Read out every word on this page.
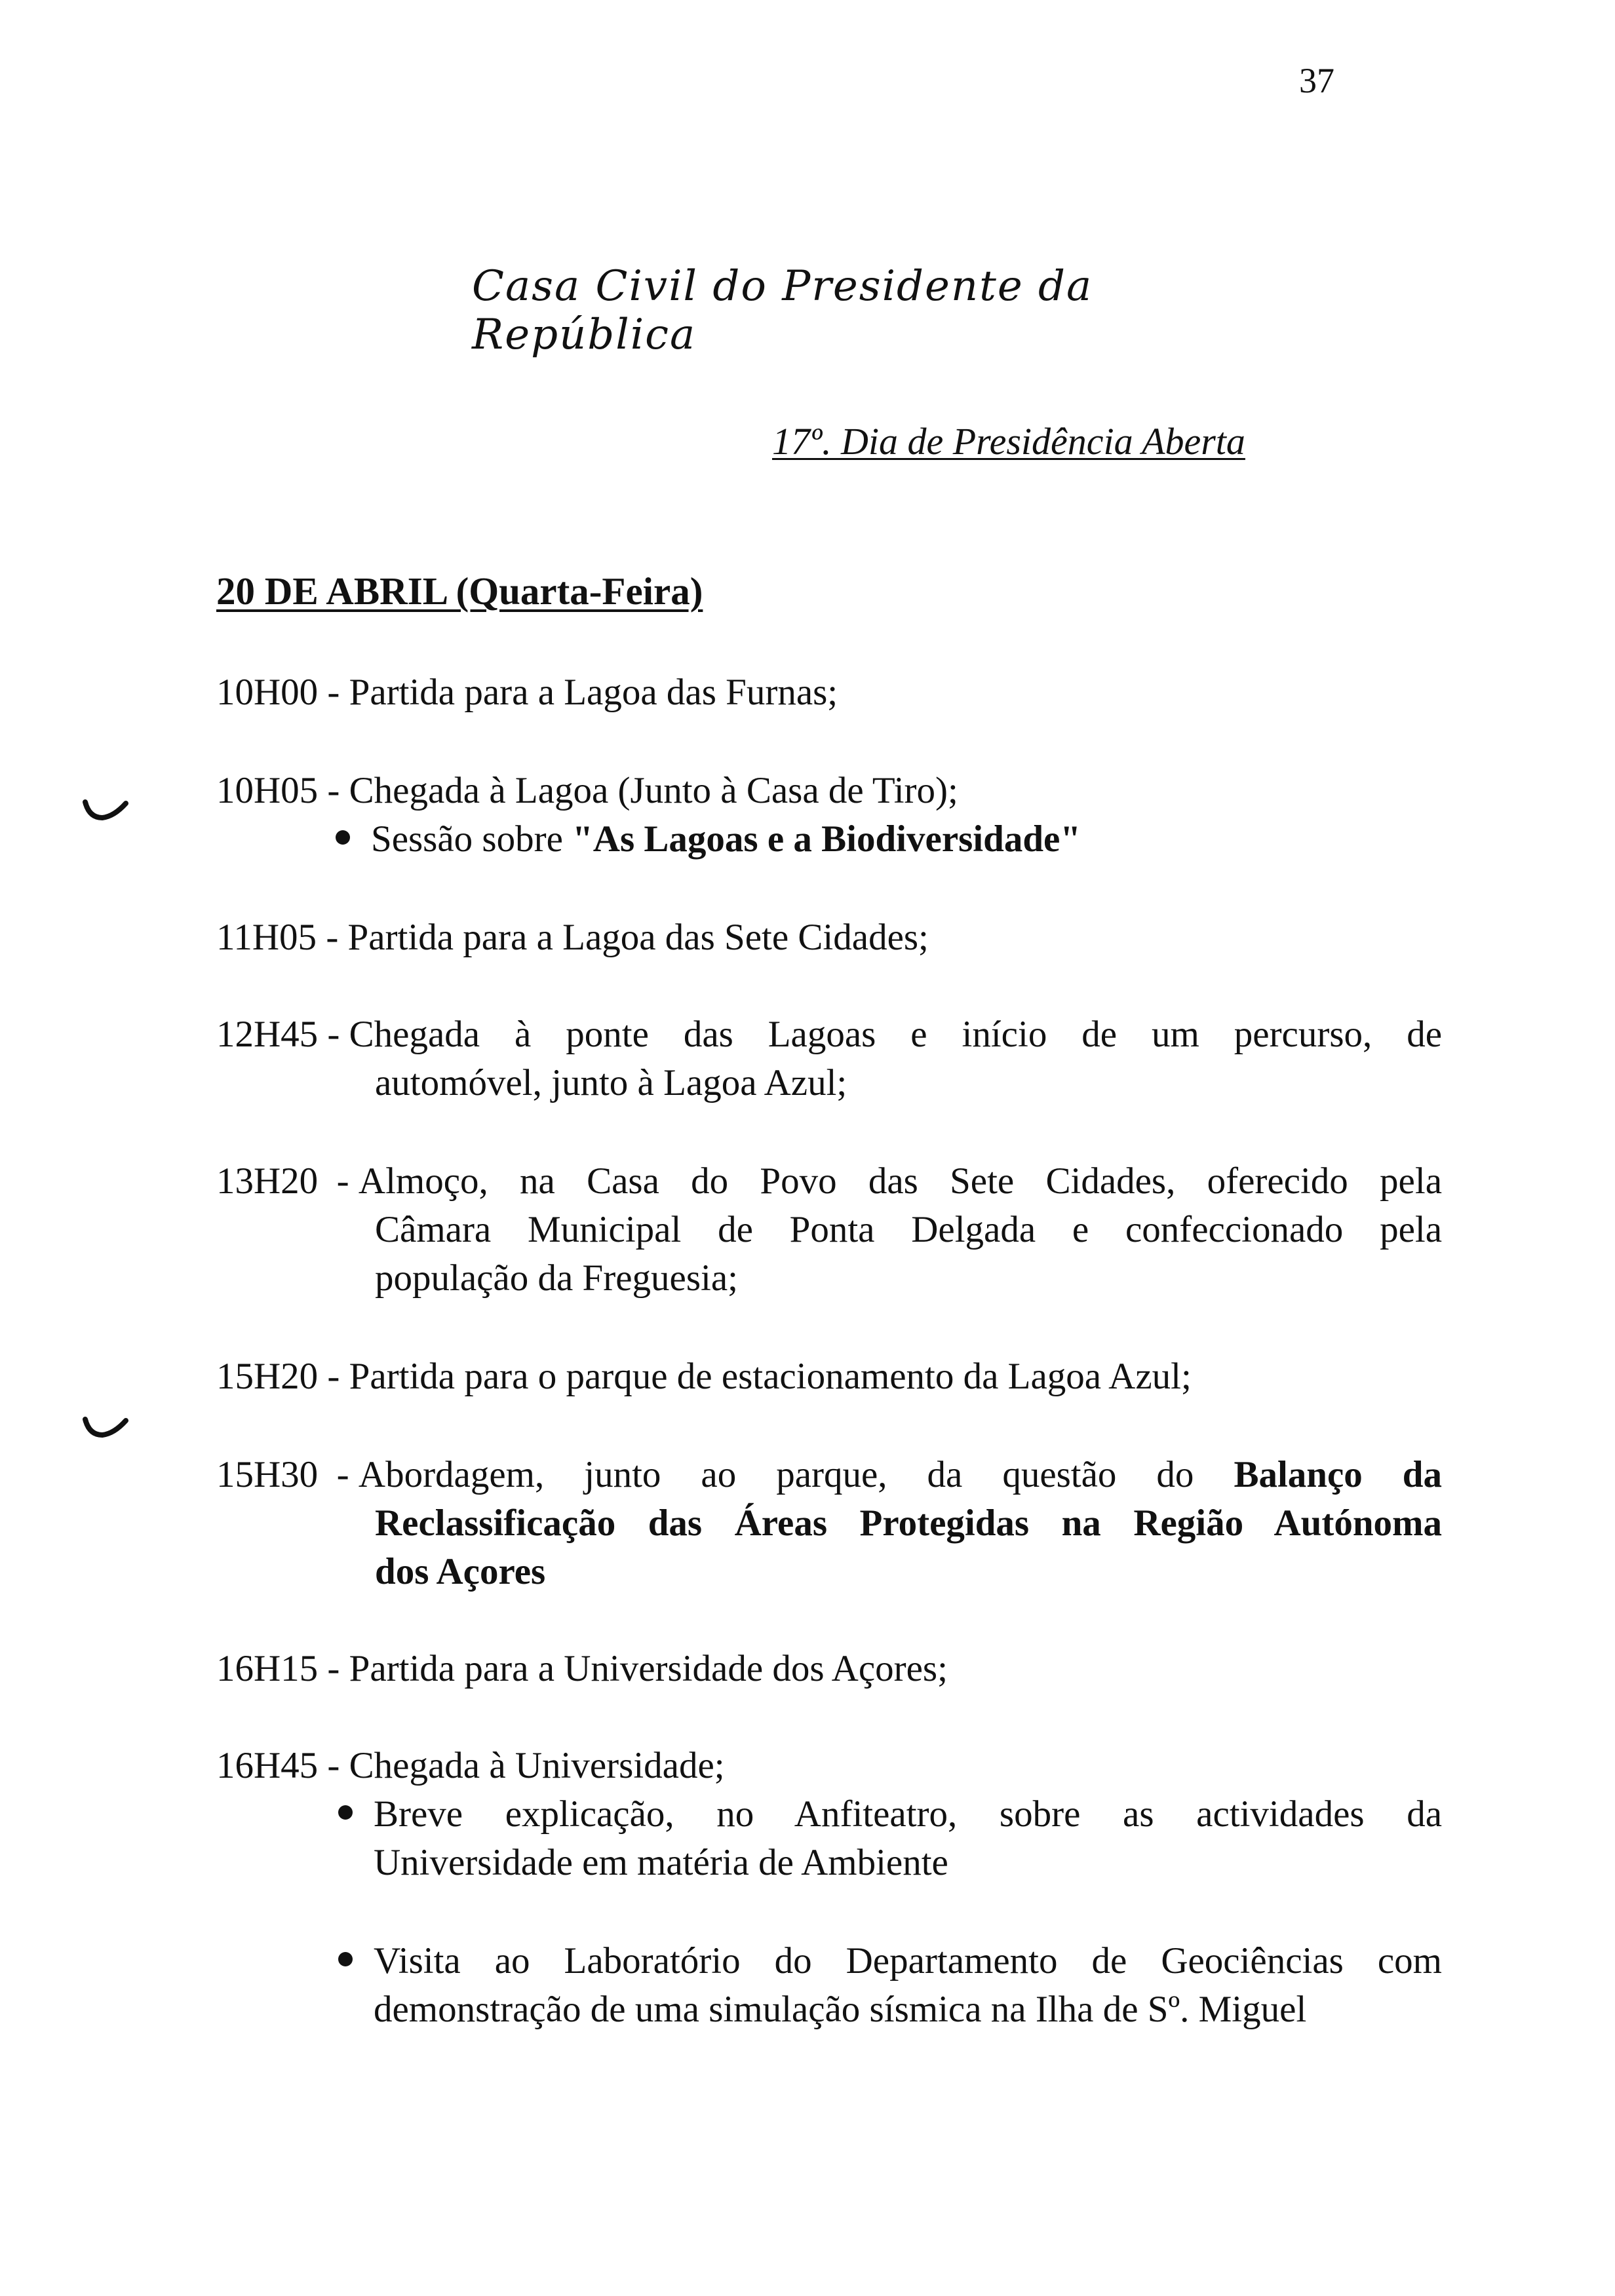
37
Casa Civil do Presidente da República
17º. Dia de Presidência Aberta
20 DE ABRIL (Quarta-Feira)
10H00 - Partida para a Lagoa das Furnas;
10H05 - Chegada à Lagoa (Junto à Casa de Tiro);
Sessão sobre "As Lagoas e a Biodiversidade"
11H05 - Partida para a Lagoa das Sete Cidades;
12H45 - Chegada à ponte das Lagoas e início de um percurso, de
automóvel, junto à Lagoa Azul;
13H20 - Almoço, na Casa do Povo das Sete Cidades, oferecido pela
Câmara Municipal de Ponta Delgada e confeccionado pela
população da Freguesia;
15H20 - Partida para o parque de estacionamento da Lagoa Azul;
15H30 - Abordagem, junto ao parque, da questão do Balanço da
Reclassificação das Áreas Protegidas na Região Autónoma
dos Açores
16H15 - Partida para a Universidade dos Açores;
16H45 - Chegada à Universidade;
Breve explicação, no Anfiteatro, sobre as actividades da
Universidade em matéria de Ambiente
Visita ao Laboratório do Departamento de Geociências com
demonstração de uma simulação sísmica na Ilha de Sº. Miguel
